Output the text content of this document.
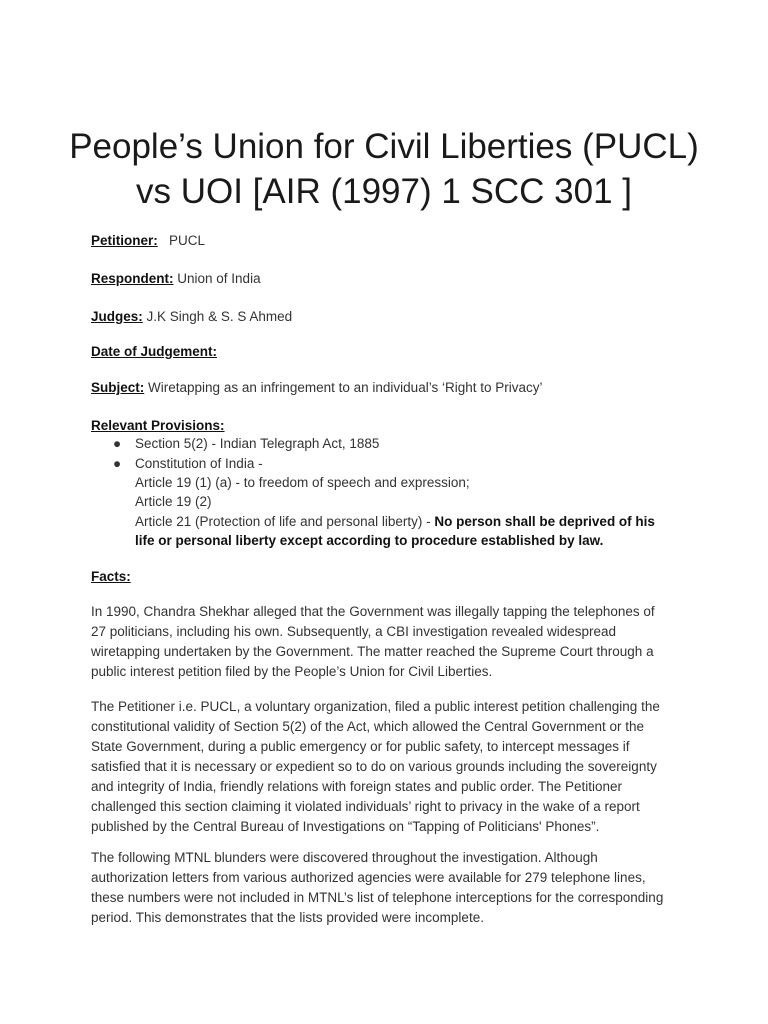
People’s Union for Civil Liberties (PUCL)
vs UOI [AIR (1997) 1 SCC 301 ]
Petitioner: PUCL
Respondent: Union of India
Judges: J.K Singh & S. S Ahmed
Date of Judgement:
Subject: Wiretapping as an infringement to an individual’s ‘Right to Privacy’
Relevant Provisions:
● Section 5(2) - Indian Telegraph Act, 1885
● Constitution of India -
Article 19 (1) (a) - to freedom of speech and expression;
Article 19 (2)
Article 21 (Protection of life and personal liberty) - No person shall be deprived of his
life or personal liberty except according to procedure established by law.
Facts:
In 1990, Chandra Shekhar alleged that the Government was illegally tapping the telephones of
27 politicians, including his own. Subsequently, a CBI investigation revealed widespread
wiretapping undertaken by the Government. The matter reached the Supreme Court through a
public interest petition filed by the People’s Union for Civil Liberties.
The Petitioner i.e. PUCL, a voluntary organization, filed a public interest petition challenging the
constitutional validity of Section 5(2) of the Act, which allowed the Central Government or the
State Government, during a public emergency or for public safety, to intercept messages if
satisfied that it is necessary or expedient so to do on various grounds including the sovereignty
and integrity of India, friendly relations with foreign states and public order. The Petitioner
challenged this section claiming it violated individuals’ right to privacy in the wake of a report
published by the Central Bureau of Investigations on “Tapping of Politicians' Phones”.
The following MTNL blunders were discovered throughout the investigation. Although
authorization letters from various authorized agencies were available for 279 telephone lines,
these numbers were not included in MTNL’s list of telephone interceptions for the corresponding
period. This demonstrates that the lists provided were incomplete.
